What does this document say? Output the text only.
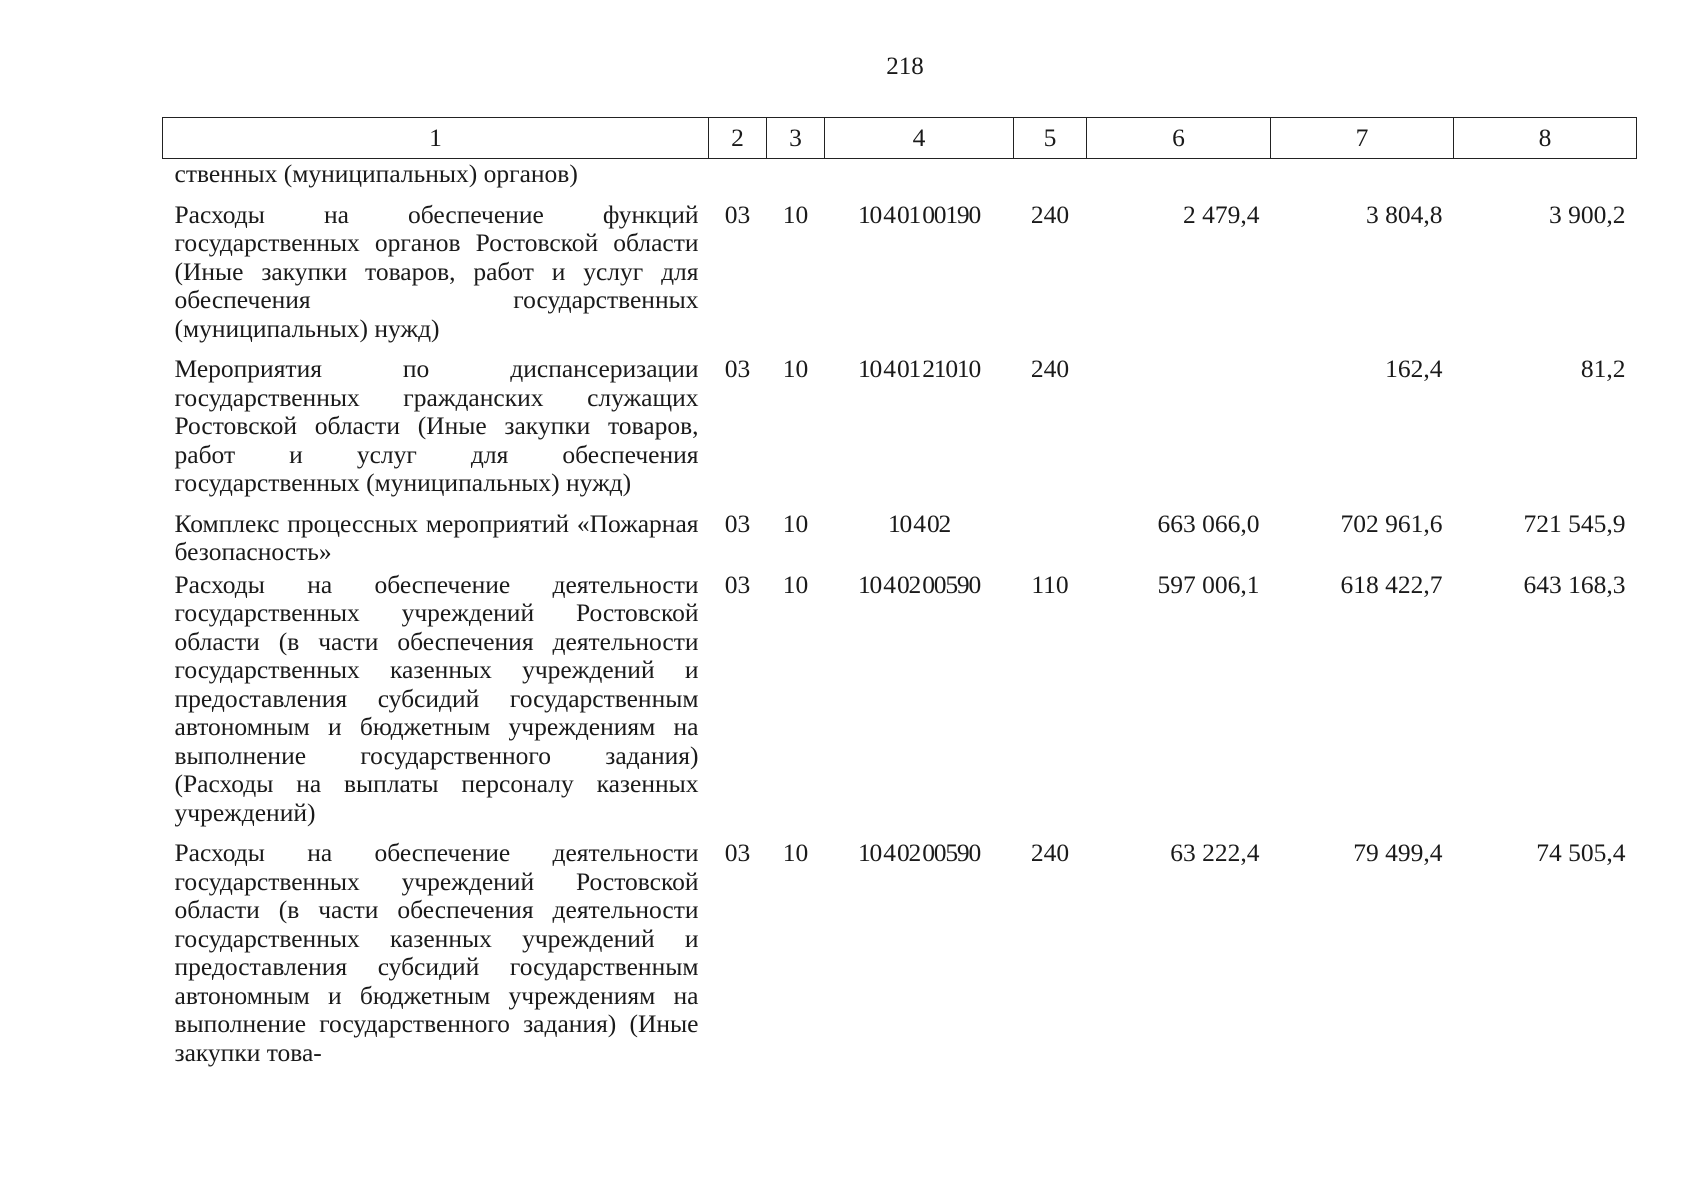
218
1	2	3	4	5	6	7	8
ственных (муниципальных) органов)							
Расходы на обеспечение функций государственных органов Ростовской области (Иные закупки товаров, работ и услуг для обеспечения государственных (муниципальных) нужд)	03	10	10 4 01 00190	240	2 479,4	3 804,8	3 900,2
Мероприятия по диспансеризации государственных гражданских служащих Ростовской области (Иные закупки товаров, работ и услуг для обеспечения государственных (муниципальных) нужд)	03	10	10 4 01 21010	240		162,4	81,2
Комплекс процессных мероприятий «Пожарная безопасность»	03	10	10 4 02		663 066,0	702 961,6	721 545,9
Расходы на обеспечение деятельности государственных учреждений Ростовской области (в части обеспечения деятельности государственных казенных учреждений и предоставления субсидий государственным автономным и бюджетным учреждениям на выполнение государственного задания) (Расходы на выплаты персоналу казенных учреждений)	03	10	10 4 02 00590	110	597 006,1	618 422,7	643 168,3
Расходы на обеспечение деятельности государственных учреждений Ростовской области (в части обеспечения деятельности государственных казенных учреждений и предоставления субсидий государственным автономным и бюджетным учреждениям на выполнение государственного задания) (Иные закупки това-	03	10	10 4 02 00590	240	63 222,4	79 499,4	74 505,4
